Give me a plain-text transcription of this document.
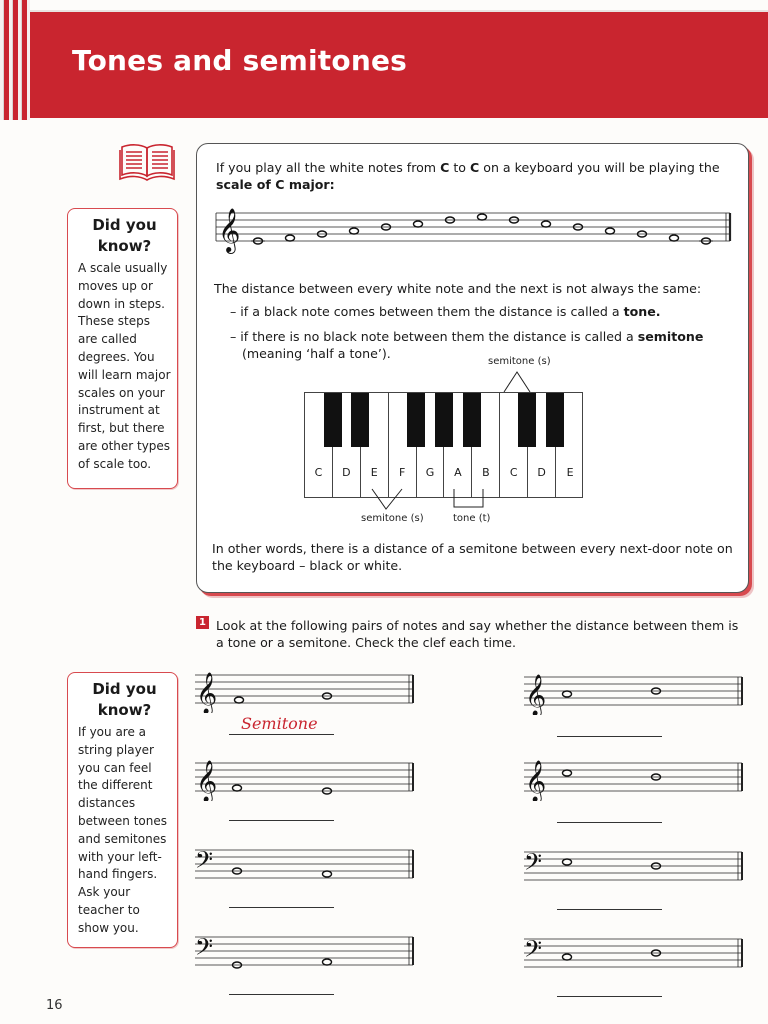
Tones and semitones
Did you know?
A scale usually moves up or down in steps. These steps are called degrees. You will learn major scales on your instrument at first, but there are other types of scale too.
If you play all the white notes from C to C on a keyboard you will be playing the
scale of C major:
𝄞
The distance between every white note and the next is not always the same:
– if a black note comes between them the distance is called a tone.
– if there is no black note between them the distance is called a semitone
(meaning ‘half a tone’).
semitone (s)
C	D	E	F	G	A	B	C	D	E
semitone (s)	tone (t)
In other words, there is a distance of a semitone between every next-door note on the keyboard – black or white.
1 Look at the following pairs of notes and say whether the distance between them is a tone or a semitone. Check the clef each time.
Did you know?
If you are a string player you can feel the different distances between tones and semitones with your left-hand fingers. Ask your teacher to show you.
𝄞
Semitone
𝄞
𝄞	𝄞
𝄢	𝄢
𝄢	𝄢
16
